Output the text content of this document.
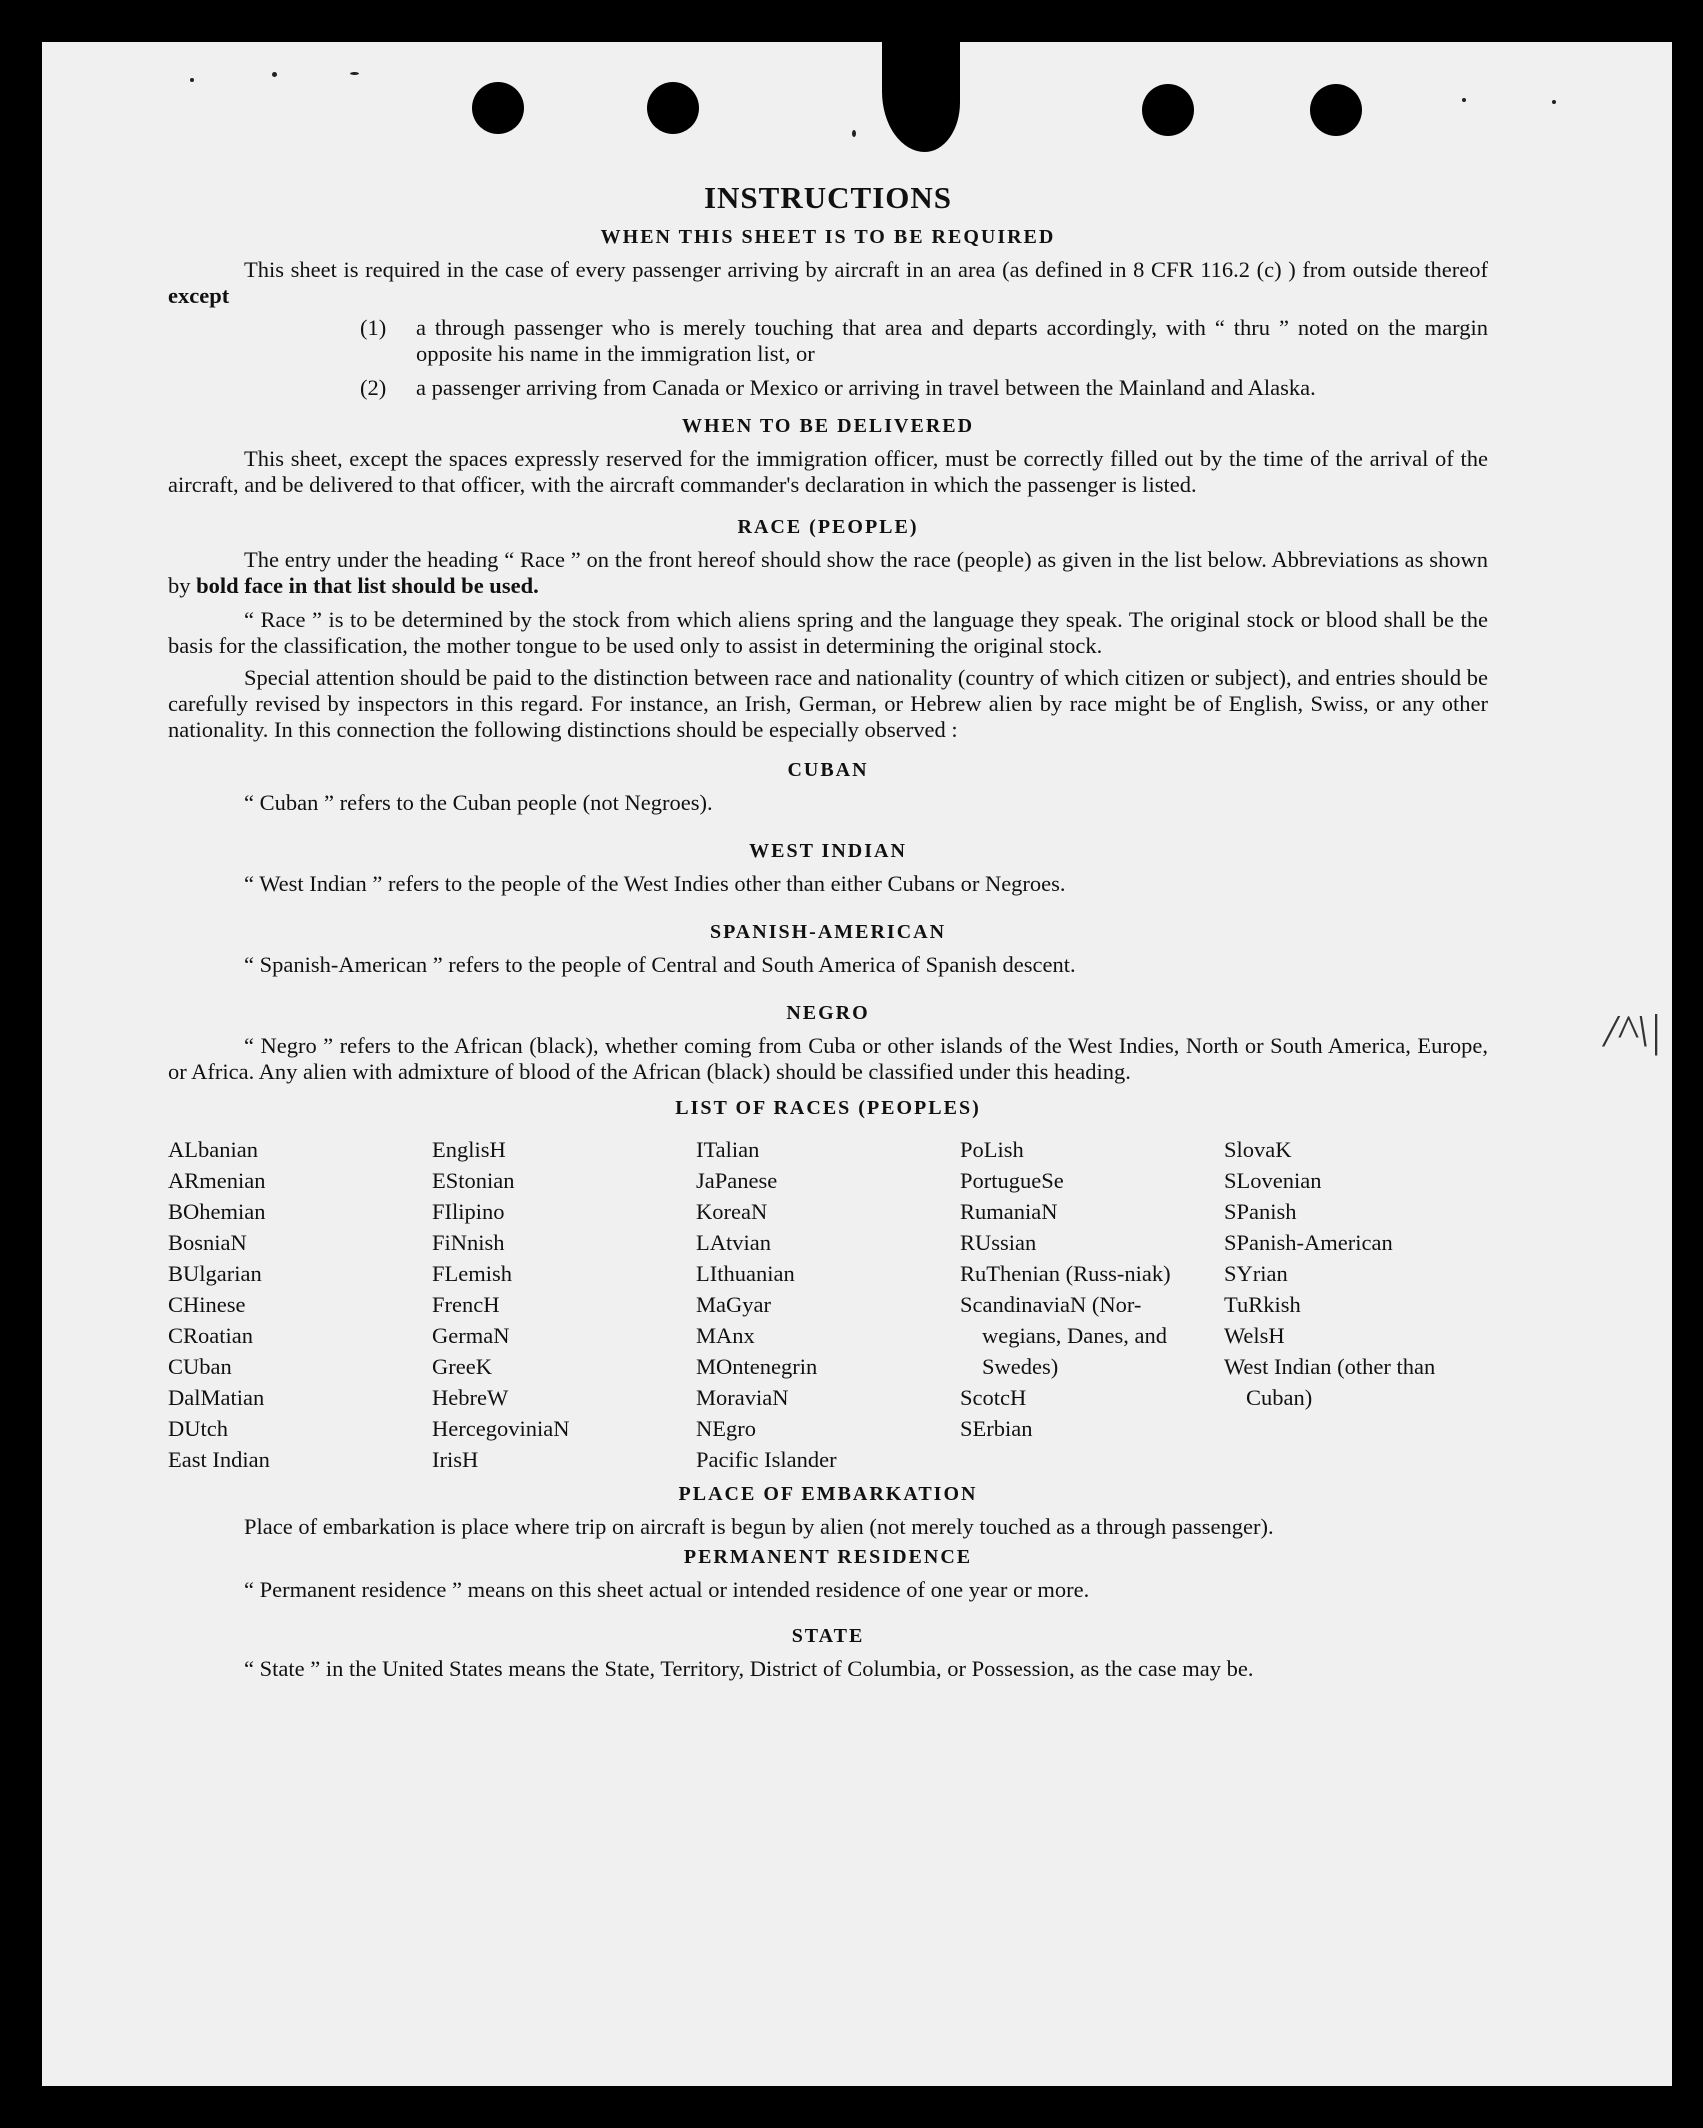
/^\|
INSTRUCTIONS
WHEN THIS SHEET IS TO BE REQUIRED

This sheet is required in the case of every passenger arriving by aircraft in an area (as defined in 8 CFR 116.2 (c) ) from outside thereof except

(1)	a through passenger who is merely touching that area and departs accordingly, with “ thru ” noted on the margin opposite his name in the immigration list, or
(2)	a passenger arriving from Canada or Mexico or arriving in travel between the Mainland and Alaska.
WHEN TO BE DELIVERED

This sheet, except the spaces expressly reserved for the immigration officer, must be correctly filled out by the time of the arrival of the aircraft, and be delivered to that officer, with the aircraft commander's declaration in which the passenger is listed.

RACE (PEOPLE)

The entry under the heading “ Race ” on the front hereof should show the race (people) as given in the list below. Abbreviations as shown by bold face in that list should be used.

“ Race ” is to be determined by the stock from which aliens spring and the language they speak. The original stock or blood shall be the basis for the classification, the mother tongue to be used only to assist in determining the original stock.

Special attention should be paid to the distinction between race and nationality (country of which citizen or subject), and entries should be carefully revised by inspectors in this regard. For instance, an Irish, German, or Hebrew alien by race might be of English, Swiss, or any other nationality. In this connection the following distinctions should be especially observed :

CUBAN

“ Cuban ” refers to the Cuban people (not Negroes).

WEST INDIAN

“ West Indian ” refers to the people of the West Indies other than either Cubans or Negroes.

SPANISH-AMERICAN

“ Spanish-American ” refers to the people of Central and South America of Spanish descent.

NEGRO

“ Negro ” refers to the African (black), whether coming from Cuba or other islands of the West Indies, North or South America, Europe, or Africa. Any alien with admixture of blood of the African (black) should be classified under this heading.

LIST OF RACES (PEOPLES)
ALbanian
ARmenian
BOhemian
BosniaN
BUlgarian
CHinese
CRoatian
CUban
DalMatian
DUtch
East Indian
EnglisH
EStonian
FIlipino
FiNnish
FLemish
FrencH
GermaN
GreeK
HebreW
HercegoviniaN
IrisH
ITalian
JaPanese
KoreaN
LAtvian
LIthuanian
MaGyar
MAnx
MOntenegrin
MoraviaN
NEgro
Pacific Islander
PoLish
PortugueSe
RumaniaN
RUssian
RuThenian (Russ-niak)
ScandinaviaN (Nor-wegians, Danes, and Swedes)
ScotcH
SErbian
SlovaK
SLovenian
SPanish
SPanish-American
SYrian
TuRkish
WelsH
West Indian (other than Cuban)
PLACE OF EMBARKATION

Place of embarkation is place where trip on aircraft is begun by alien (not merely touched as a through passenger).

PERMANENT RESIDENCE

“ Permanent residence ” means on this sheet actual or intended residence of one year or more.

STATE

“ State ” in the United States means the State, Territory, District of Columbia, or Possession, as the case may be.
